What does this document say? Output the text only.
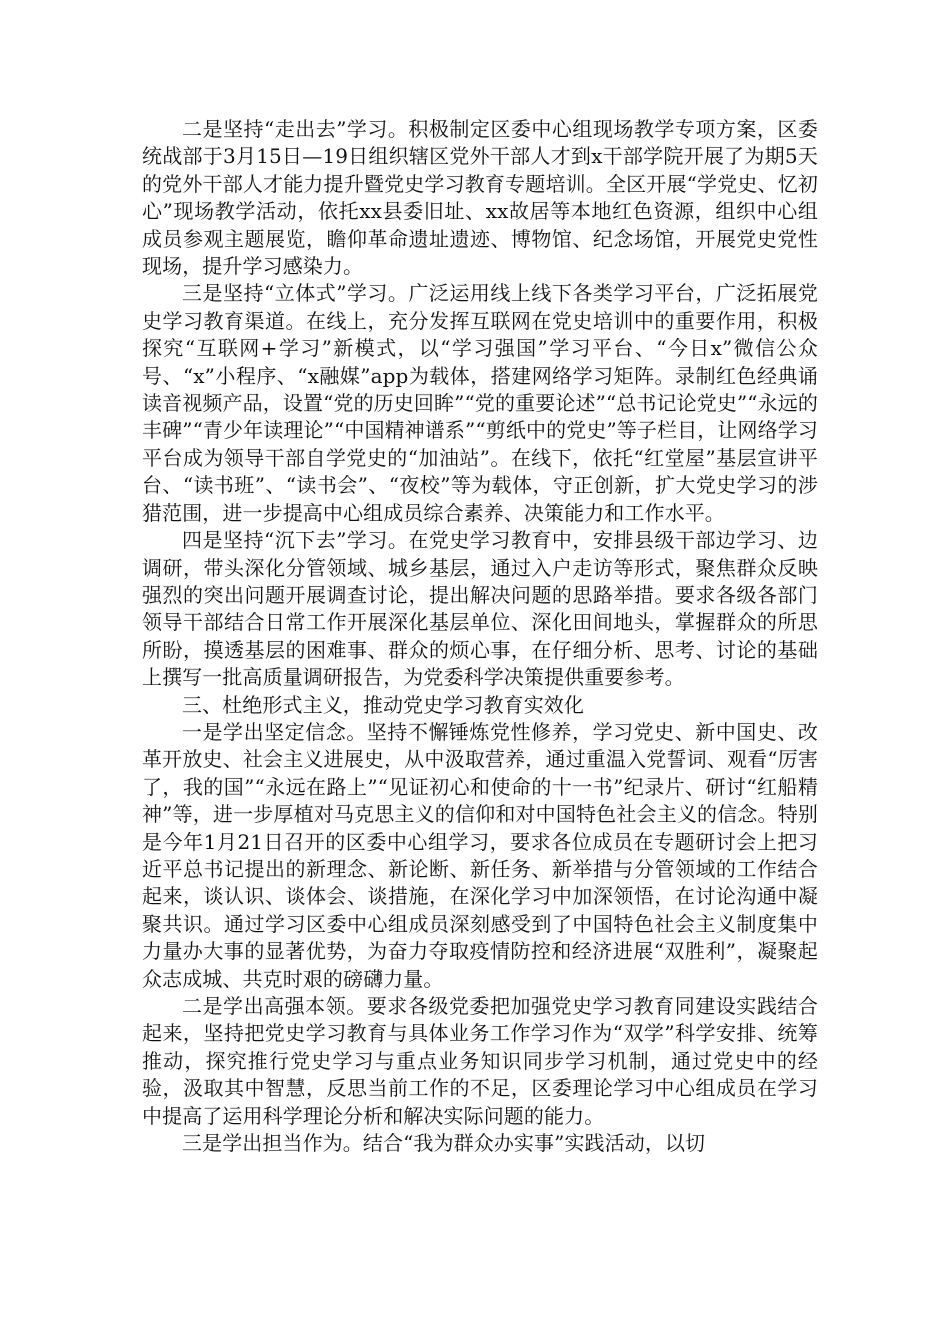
二是坚持“走出去”学习。积极制定区委中心组现场教学专项方案，区委统战部于3月15日—19日组织辖区党外干部人才到x干部学院开展了为期5天的党外干部人才能力提升暨党史学习教育专题培训。全区开展“学党史、忆初心”现场教学活动，依托xx县委旧址、xx故居等本地红色资源，组织中心组成员参观主题展览，瞻仰革命遗址遗迹、博物馆、纪念场馆，开展党史党性现场，提升学习感染力。

三是坚持“立体式”学习。广泛运用线上线下各类学习平台，广泛拓展党史学习教育渠道。在线上，充分发挥互联网在党史培训中的重要作用，积极探究“互联网+学习”新模式，以“学习强国”学习平台、“今日x”微信公众号、“x”小程序、“x融媒”app为载体，搭建网络学习矩阵。录制红色经典诵读音视频产品，设置“党的历史回眸”“党的重要论述”“总书记论党史”“永远的丰碑”“青少年读理论”“中国精神谱系”“剪纸中的党史”等子栏目，让网络学习平台成为领导干部自学党史的“加油站”。在线下，依托“红堂屋”基层宣讲平台、“读书班”、“读书会”、“夜校”等为载体，守正创新，扩大党史学习的涉猎范围，进一步提高中心组成员综合素养、决策能力和工作水平。

四是坚持“沉下去”学习。在党史学习教育中，安排县级干部边学习、边调研，带头深化分管领域、城乡基层，通过入户走访等形式，聚焦群众反映强烈的突出问题开展调查讨论，提出解决问题的思路举措。要求各级各部门领导干部结合日常工作开展深化基层单位、深化田间地头，掌握群众的所思所盼，摸透基层的困难事、群众的烦心事，在仔细分析、思考、讨论的基础上撰写一批高质量调研报告，为党委科学决策提供重要参考。

三、杜绝形式主义，推动党史学习教育实效化

一是学出坚定信念。坚持不懈锤炼党性修养，学习党史、新中国史、改革开放史、社会主义进展史，从中汲取营养，通过重温入党誓词、观看“厉害了，我的国”“永远在路上”“见证初心和使命的十一书”纪录片、研讨“红船精神”等，进一步厚植对马克思主义的信仰和对中国特色社会主义的信念。特别是今年1月21日召开的区委中心组学习，要求各位成员在专题研讨会上把习近平总书记提出的新理念、新论断、新任务、新举措与分管领域的工作结合起来，谈认识、谈体会、谈措施，在深化学习中加深领悟，在讨论沟通中凝聚共识。通过学习区委中心组成员深刻感受到了中国特色社会主义制度集中力量办大事的显著优势，为奋力夺取疫情防控和经济进展“双胜利”，凝聚起众志成城、共克时艰的磅礴力量。

二是学出高强本领。要求各级党委把加强党史学习教育同建设实践结合起来，坚持把党史学习教育与具体业务工作学习作为“双学”科学安排、统筹推动，探究推行党史学习与重点业务知识同步学习机制，通过党史中的经验，汲取其中智慧，反思当前工作的不足，区委理论学习中心组成员在学习中提高了运用科学理论分析和解决实际问题的能力。

三是学出担当作为。结合“我为群众办实事”实践活动，以切
